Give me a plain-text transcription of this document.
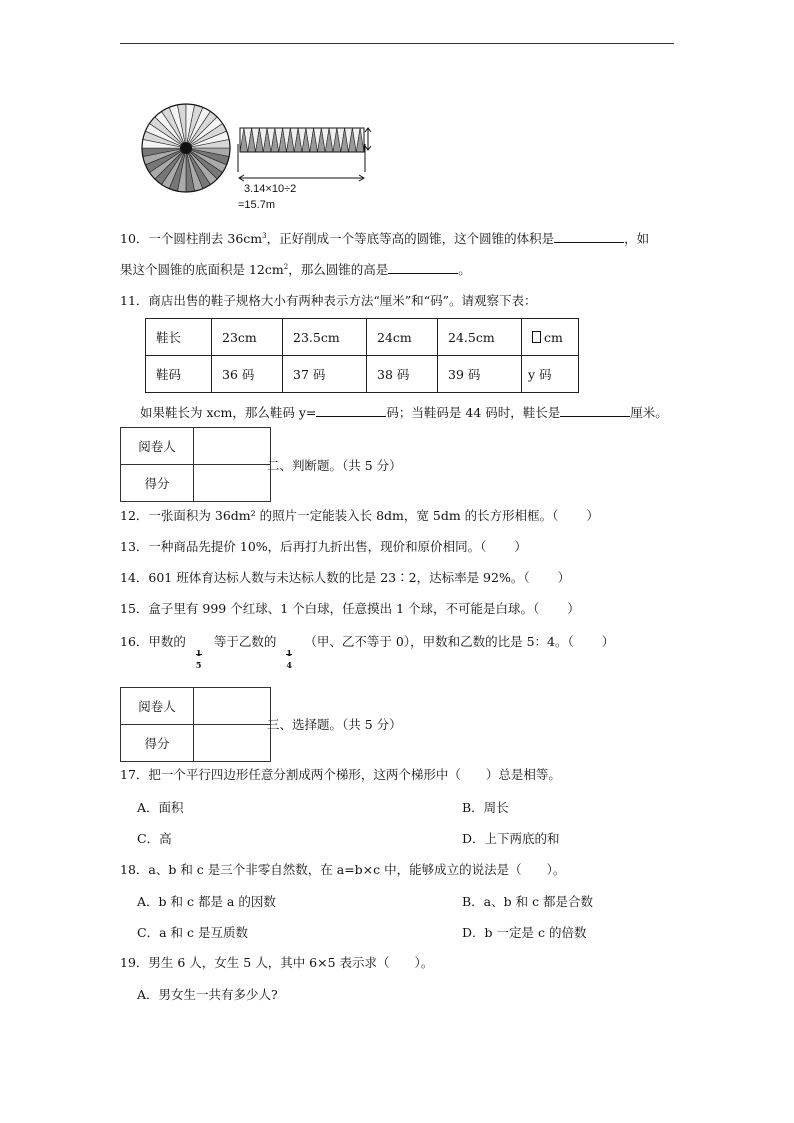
3.14×10÷2
=15.7m
10．一个圆柱削去 $36cm^3$，正好削成一个等底等高的圆锥，这个圆锥的体积是	，如
果这个圆锥的底面积是 $12cm^2$，那么圆锥的高是	。
11．商店出售的鞋子规格大小有两种表示方法“厘米”和“码”。请观察下表：
鞋长	23cm	23.5cm	24cm	24.5cm	cm
鞋码	36 码	37 码	38 码	39 码	y 码
如果鞋长为 xcm，那么鞋码 y=	码；当鞋码是 44 码时，鞋长是	厘米。
阅卷人	
得分	
二、判断题。（共 5 分）
12．一张面积为 36dm² 的照片一定能装入长 8dm，宽 5dm 的长方形相框。（ ）
13．一种商品先提价 10%，后再打九折出售，现价和原价相同。（ ）
14．601 班体育达标人数与未达标人数的比是 23∶2，达标率是 92%。（ ）
15．盒子里有 999 个红球、1 个白球，任意摸出 1 个球，不可能是白球。（ ）
16．甲数的
1
5
等于乙数的
1
4
（甲、乙不等于 0），甲数和乙数的比是 5：4。（ ）
阅卷人	
得分	
三、选择题。（共 5 分）
17．把一个平行四边形任意分割成两个梯形，这两个梯形中（　　）总是相等。
A．面积	B．周长
C．高	D．上下两底的和
18．a、b 和 c 是三个非零自然数，在 a=b×c 中，能够成立的说法是（　　）。
A．b 和 c 都是 a 的因数	B．a、b 和 c 都是合数
C．a 和 c 是互质数	D．b 一定是 c 的倍数
19．男生 6 人，女生 5 人，其中 6×5 表示求（　　）。
A．男女生一共有多少人?
